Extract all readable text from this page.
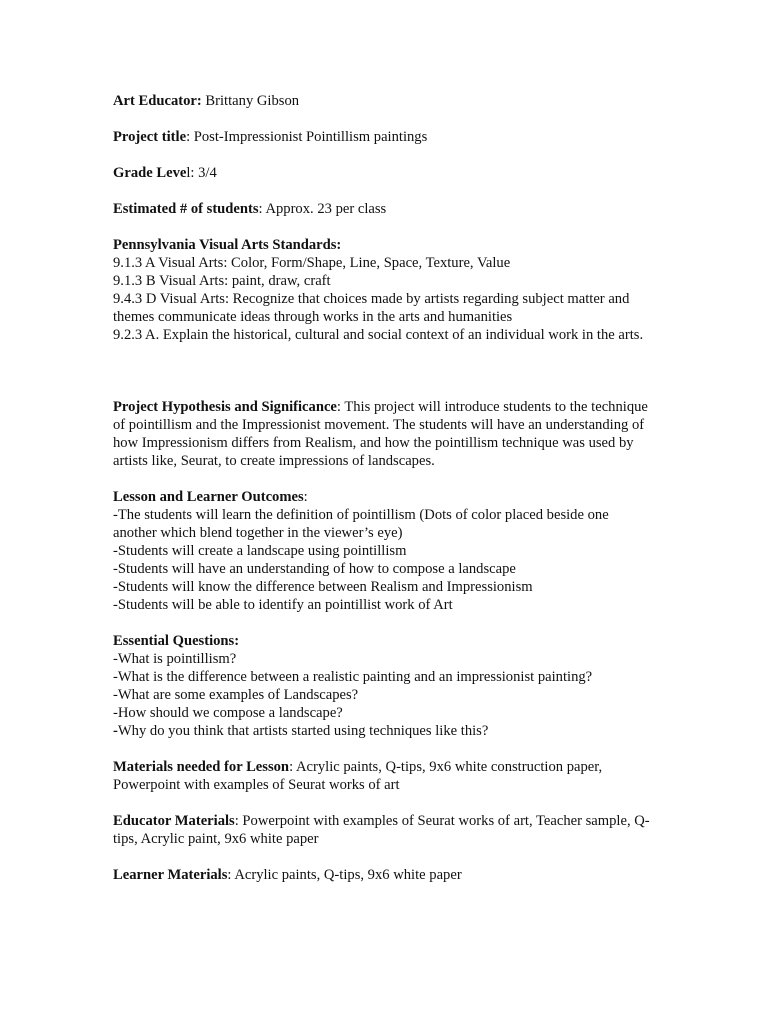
Art Educator: Brittany Gibson

Project title: Post-Impressionist Pointillism paintings

Grade Level: 3/4

Estimated # of students: Approx. 23 per class

Pennsylvania Visual Arts Standards:
9.1.3 A Visual Arts: Color, Form/Shape, Line, Space, Texture, Value
9.1.3 B Visual Arts: paint, draw, craft
9.4.3 D Visual Arts: Recognize that choices made by artists regarding subject matter and themes communicate ideas through works in the arts and humanities
9.2.3 A. Explain the historical, cultural and social context of an individual work in the arts.

Project Hypothesis and Significance: This project will introduce students to the technique of pointillism and the Impressionist movement. The students will have an understanding of how Impressionism differs from Realism, and how the pointillism technique was used by artists like, Seurat, to create impressions of landscapes.

Lesson and Learner Outcomes:
-The students will learn the definition of pointillism (Dots of color placed beside one another which blend together in the viewer’s eye)
-Students will create a landscape using pointillism
-Students will have an understanding of how to compose a landscape
-Students will know the difference between Realism and Impressionism
-Students will be able to identify an pointillist work of Art
Essential Questions:
-What is pointillism?
-What is the difference between a realistic painting and an impressionist painting?
-What are some examples of Landscapes?
-How should we compose a landscape?
-Why do you think that artists started using techniques like this?

Materials needed for Lesson: Acrylic paints, Q-tips, 9x6 white construction paper, Powerpoint with examples of Seurat works of art

Educator Materials: Powerpoint with examples of Seurat works of art, Teacher sample, Q-tips, Acrylic paint, 9x6 white paper

Learner Materials: Acrylic paints, Q-tips, 9x6 white paper
